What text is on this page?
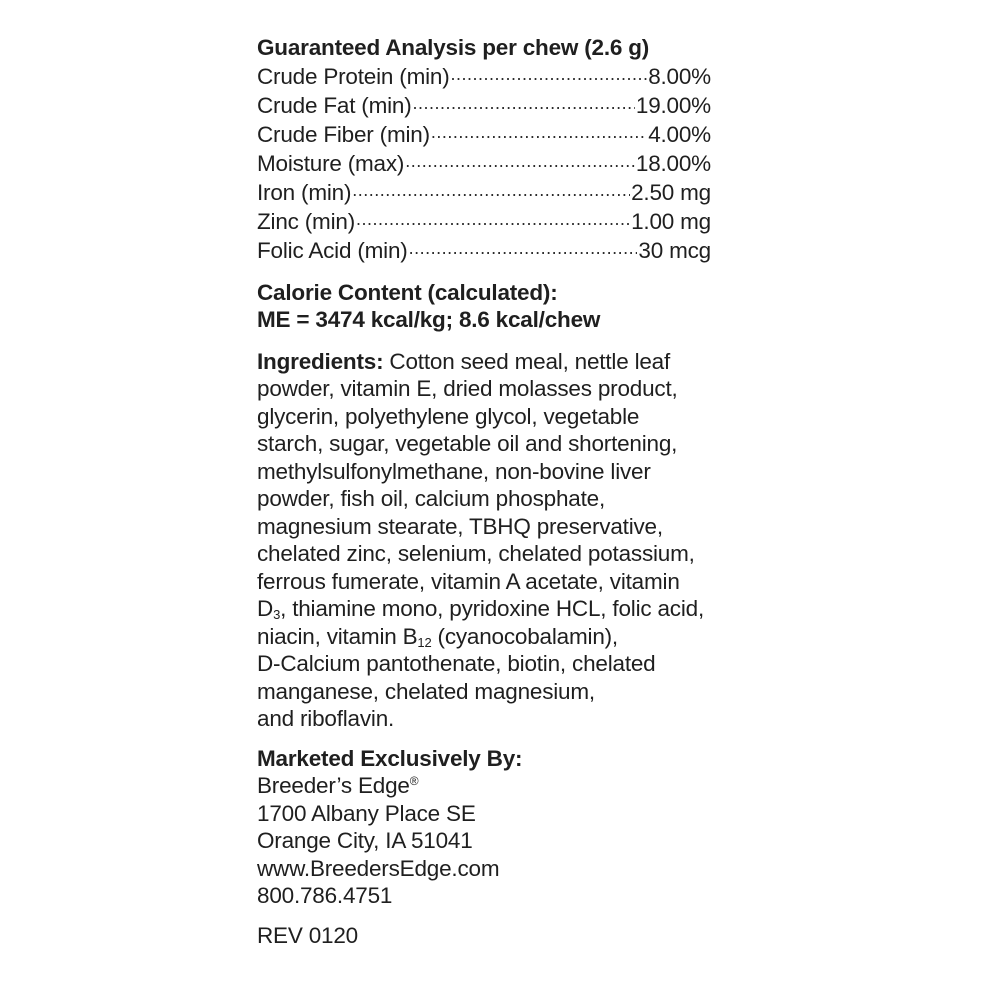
Guaranteed Analysis per chew (2.6 g)
Crude Protein (min) .....	8.00%
Crude Fat (min) .....	19.00%
Crude Fiber (min) .....	4.00%
Moisture (max) .....	18.00%
Iron (min) .....	2.50 mg
Zinc (min) .....	1.00 mg
Folic Acid (min) .....	30 mcg
Calorie Content (calculated):
ME = 3474 kcal/kg; 8.6 kcal/chew
Ingredients: Cotton seed meal, nettle leaf
powder, vitamin E, dried molasses product,
glycerin, polyethylene glycol, vegetable
starch, sugar, vegetable oil and shortening,
methylsulfonylmethane, non-bovine liver
powder, fish oil, calcium phosphate,
magnesium stearate, TBHQ preservative,
chelated zinc, selenium, chelated potassium,
ferrous fumerate, vitamin A acetate, vitamin
$D_3$, thiamine mono, pyridoxine HCL, folic acid,
niacin, vitamin $B_{12}$ (cyanocobalamin),
D-Calcium pantothenate, biotin, chelated
manganese, chelated magnesium,
and riboflavin.
Marketed Exclusively By:
Breeder’s Edge®
1700 Albany Place SE
Orange City, IA 51041
www.BreedersEdge.com
800.786.4751
REV 0120
